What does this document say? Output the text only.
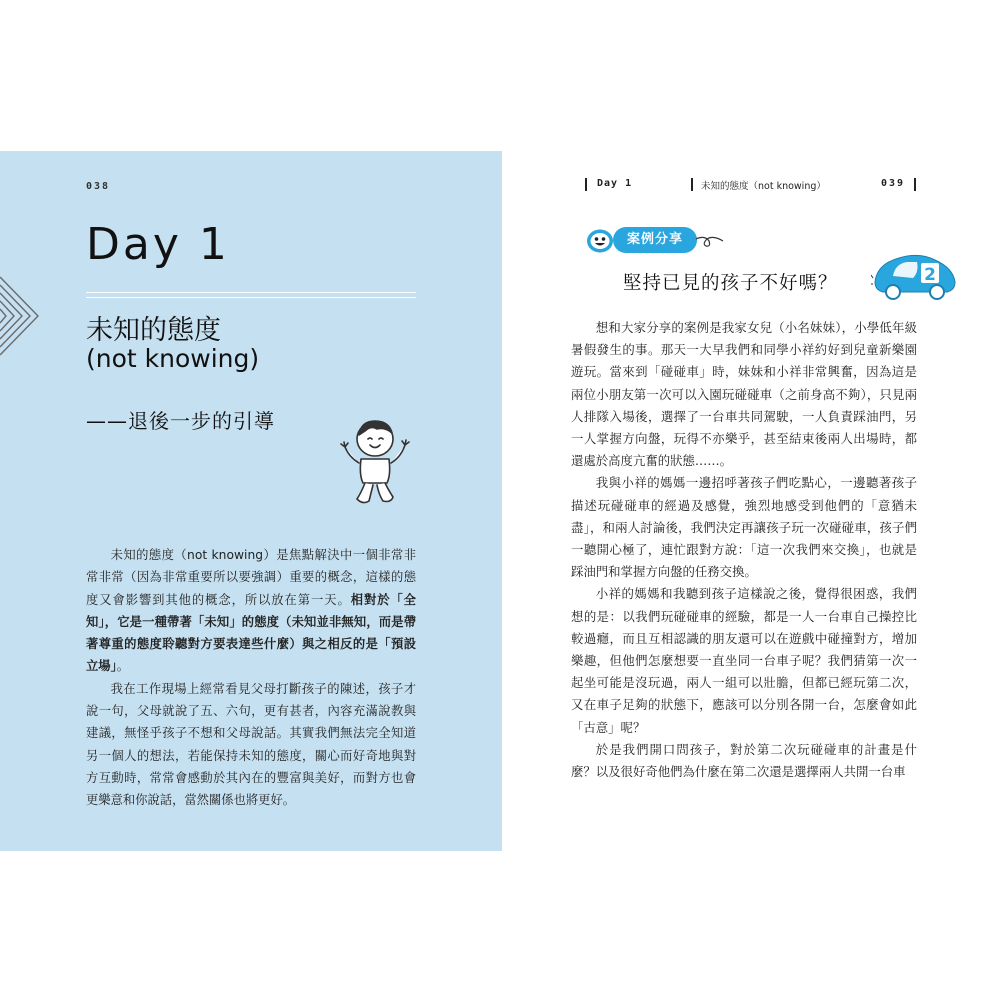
038
Day 1
未知的態度
(not knowing)
——退後一步的引導

未知的態度（not knowing）是焦點解決中一個非常非常非常（因為非常重要所以要強調）重要的概念，這樣的態度又會影響到其他的概念，所以放在第一天。相對於「全知」，它是一種帶著「未知」的態度（未知並非無知，而是帶著尊重的態度聆聽對方要表達些什麼）與之相反的是「預設立場」。

我在工作現場上經常看見父母打斷孩子的陳述，孩子才說一句，父母就說了五、六句，更有甚者，內容充滿說教與建議，無怪乎孩子不想和父母說話。其實我們無法完全知道另一個人的想法，若能保持未知的態度，關心而好奇地與對方互動時，常常會感動於其內在的豐富與美好，而對方也會更樂意和你說話，當然關係也將更好。

Day 1	未知的態度（not knowing）	039
案例分享
堅持已見的孩子不好嗎？	2

想和大家分享的案例是我家女兒（小名妹妹），小學低年級暑假發生的事。那天一大早我們和同學小祥約好到兒童新樂園遊玩。當來到「碰碰車」時，妹妹和小祥非常興奮，因為這是兩位小朋友第一次可以入園玩碰碰車（之前身高不夠），只見兩人排隊入場後，選擇了一台車共同駕駛，一人負責踩油門，另一人掌握方向盤，玩得不亦樂乎，甚至結束後兩人出場時，都還處於高度亢奮的狀態……。

我與小祥的媽媽一邊招呼著孩子們吃點心，一邊聽著孩子描述玩碰碰車的經過及感覺，強烈地感受到他們的「意猶未盡」，和兩人討論後，我們決定再讓孩子玩一次碰碰車，孩子們一聽開心極了，連忙跟對方說：「這一次我們來交換」，也就是踩油門和掌握方向盤的任務交換。

小祥的媽媽和我聽到孩子這樣說之後，覺得很困惑，我們想的是：以我們玩碰碰車的經驗，都是一人一台車自己操控比較過癮，而且互相認識的朋友還可以在遊戲中碰撞對方，增加樂趣，但他們怎麼想要一直坐同一台車子呢？我們猜第一次一起坐可能是沒玩過，兩人一組可以壯膽，但都已經玩第二次，又在車子足夠的狀態下，應該可以分別各開一台，怎麼會如此「古意」呢？

於是我們開口問孩子，對於第二次玩碰碰車的計畫是什麼？以及很好奇他們為什麼在第二次還是選擇兩人共開一台車
